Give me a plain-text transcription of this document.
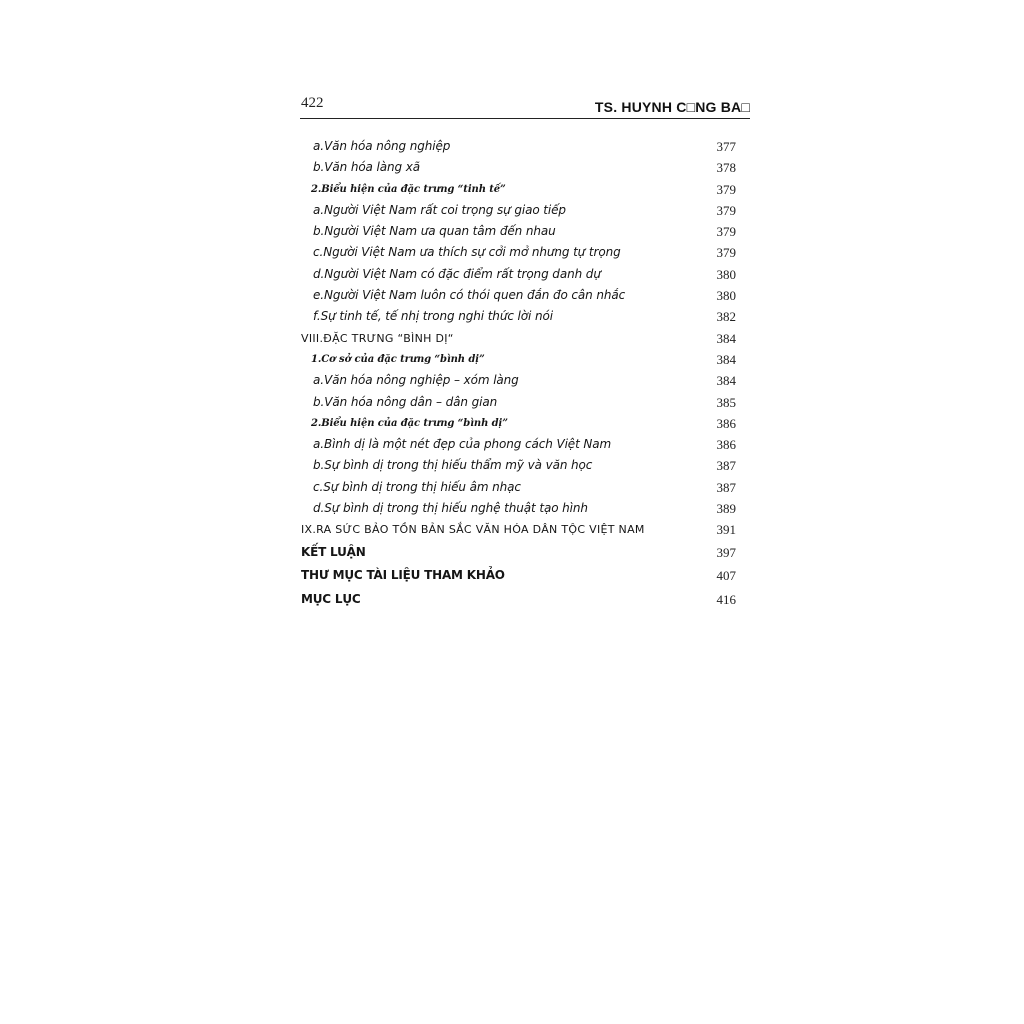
422	TS. HUYNH C□NG BA□
a.Văn hóa nông nghiệp	377
b.Văn hóa làng xã	378
2.Biểu hiện của đặc trưng “tinh tế”	379
a.Người Việt Nam rất coi trọng sự giao tiếp	379
b.Người Việt Nam ưa quan tâm đến nhau	379
c.Người Việt Nam ưa thích sự cởi mở nhưng tự trọng	379
d.Người Việt Nam có đặc điểm rất trọng danh dự	380
e.Người Việt Nam luôn có thói quen đắn đo cân nhắc	380
f.Sự tinh tế, tế nhị trong nghi thức lời nói	382
VIII.ĐẶC TRƯNG “BÌNH DỊ“	384
1.Cơ sở của đặc trưng “bình dị”	384
a.Văn hóa nông nghiệp – xóm làng	384
b.Văn hóa nông dân – dân gian	385
2.Biểu hiện của đặc trưng “bình dị”	386
a.Bình dị là một nét đẹp của phong cách Việt Nam	386
b.Sự bình dị trong thị hiếu thẩm mỹ và văn học	387
c.Sự bình dị trong thị hiếu âm nhạc	387
d.Sự bình dị trong thị hiếu nghệ thuật tạo hình	389
IX.RA SỨC BẢO TỒN BẢN SẮC VĂN HÓA DÂN TỘC VIỆT NAM	391
KẾT LUẬN	397
THƯ MỤC TÀI LIỆU THAM KHẢO	407
MỤC LỤC	416
